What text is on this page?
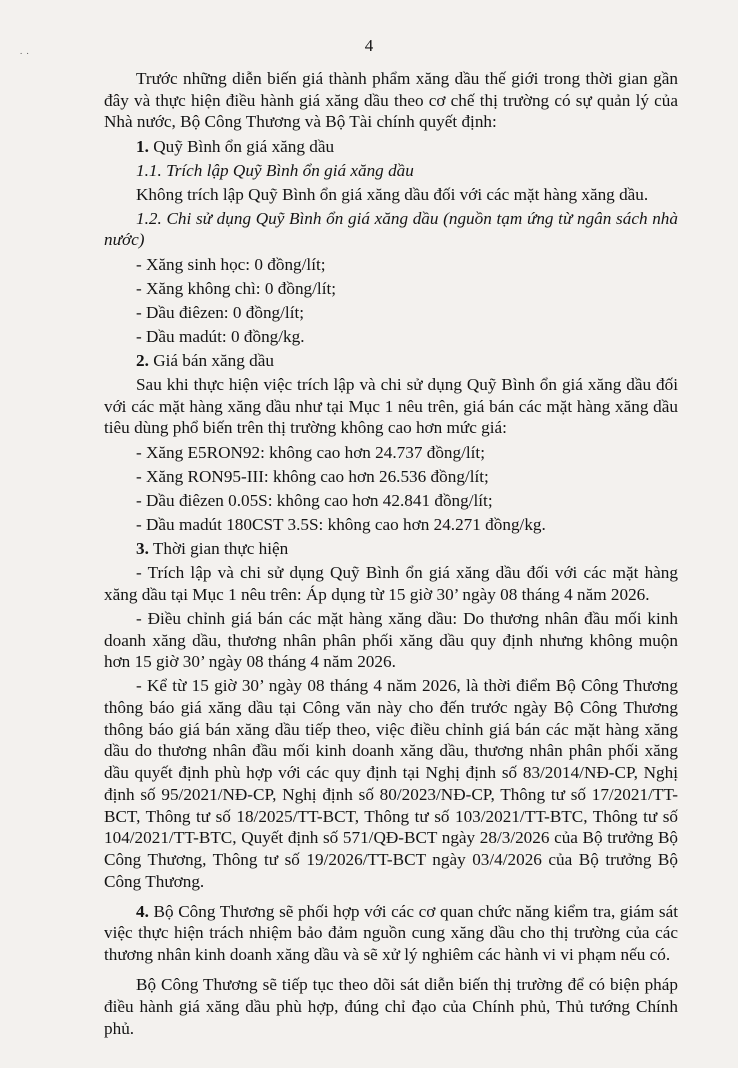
. .	4

Trước những diễn biến giá thành phẩm xăng dầu thế giới trong thời gian gần đây và thực hiện điều hành giá xăng dầu theo cơ chế thị trường có sự quản lý của Nhà nước, Bộ Công Thương và Bộ Tài chính quyết định:

1. Quỹ Bình ổn giá xăng dầu

1.1. Trích lập Quỹ Bình ổn giá xăng dầu

Không trích lập Quỹ Bình ổn giá xăng dầu đối với các mặt hàng xăng dầu.

1.2. Chi sử dụng Quỹ Bình ổn giá xăng dầu (nguồn tạm ứng từ ngân sách nhà nước)

- Xăng sinh học: 0 đồng/lít;

- Xăng không chì: 0 đồng/lít;

- Dầu điêzen: 0 đồng/lít;

- Dầu madút: 0 đồng/kg.

2. Giá bán xăng dầu

Sau khi thực hiện việc trích lập và chi sử dụng Quỹ Bình ổn giá xăng dầu đối với các mặt hàng xăng dầu như tại Mục 1 nêu trên, giá bán các mặt hàng xăng dầu tiêu dùng phổ biến trên thị trường không cao hơn mức giá:

- Xăng E5RON92: không cao hơn 24.737 đồng/lít;

- Xăng RON95-III: không cao hơn 26.536 đồng/lít;

- Dầu điêzen 0.05S: không cao hơn 42.841 đồng/lít;

- Dầu madút 180CST 3.5S: không cao hơn 24.271 đồng/kg.

3. Thời gian thực hiện

- Trích lập và chi sử dụng Quỹ Bình ổn giá xăng dầu đối với các mặt hàng xăng dầu tại Mục 1 nêu trên: Áp dụng từ 15 giờ 30’ ngày 08 tháng 4 năm 2026.

- Điều chỉnh giá bán các mặt hàng xăng dầu: Do thương nhân đầu mối kinh doanh xăng dầu, thương nhân phân phối xăng dầu quy định nhưng không muộn hơn 15 giờ 30’ ngày 08 tháng 4 năm 2026.

- Kể từ 15 giờ 30’ ngày 08 tháng 4 năm 2026, là thời điểm Bộ Công Thương thông báo giá xăng dầu tại Công văn này cho đến trước ngày Bộ Công Thương thông báo giá bán xăng dầu tiếp theo, việc điều chỉnh giá bán các mặt hàng xăng dầu do thương nhân đầu mối kinh doanh xăng dầu, thương nhân phân phối xăng dầu quyết định phù hợp với các quy định tại Nghị định số 83/2014/NĐ-CP, Nghị định số 95/2021/NĐ-CP, Nghị định số 80/2023/NĐ-CP, Thông tư số 17/2021/TT-BCT, Thông tư số 18/2025/TT-BCT, Thông tư số 103/2021/TT-BTC, Thông tư số 104/2021/TT-BTC, Quyết định số 571/QĐ-BCT ngày 28/3/2026 của Bộ trưởng Bộ Công Thương, Thông tư số 19/2026/TT-BCT ngày 03/4/2026 của Bộ trưởng Bộ Công Thương.

4. Bộ Công Thương sẽ phối hợp với các cơ quan chức năng kiểm tra, giám sát việc thực hiện trách nhiệm bảo đảm nguồn cung xăng dầu cho thị trường của các thương nhân kinh doanh xăng dầu và sẽ xử lý nghiêm các hành vi vi phạm nếu có.

Bộ Công Thương sẽ tiếp tục theo dõi sát diễn biến thị trường để có biện pháp điều hành giá xăng dầu phù hợp, đúng chỉ đạo của Chính phủ, Thủ tướng Chính phủ.
